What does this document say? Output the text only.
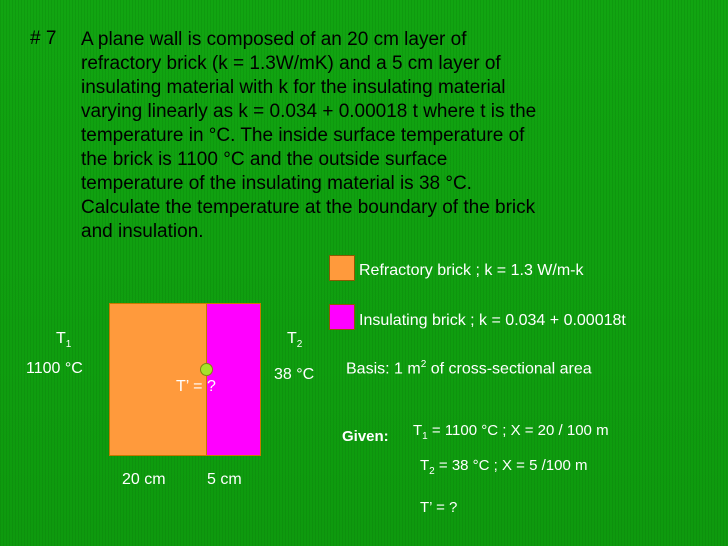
# 7 A plane wall is composed of an 20 cm layer of
refractory brick (k = 1.3W/mK) and a 5 cm layer of
insulating material with k for the insulating material
varying linearly as k = 0.034 + 0.00018 t where t is the
temperature in °C. The inside surface temperature of
the brick is 1100 °C and the outside surface
temperature of the insulating material is 38 °C.
Calculate the temperature at the boundary of the brick
and insulation.
Refractory brick ; k = 1.3 W/m-k
Insulating brick ; k = 0.034 + 0.00018t
Basis: 1 $m^2$ of cross-sectional area
$T_1$
1100 °C
$T_2$
38 °C
T’ = ?
20 cm	5 cm
Given: $T_1 = 1100$ °C ; X = 20 / 100 m
$T_2 = 38$ °C ; X = 5 /100 m
T’ = ?
